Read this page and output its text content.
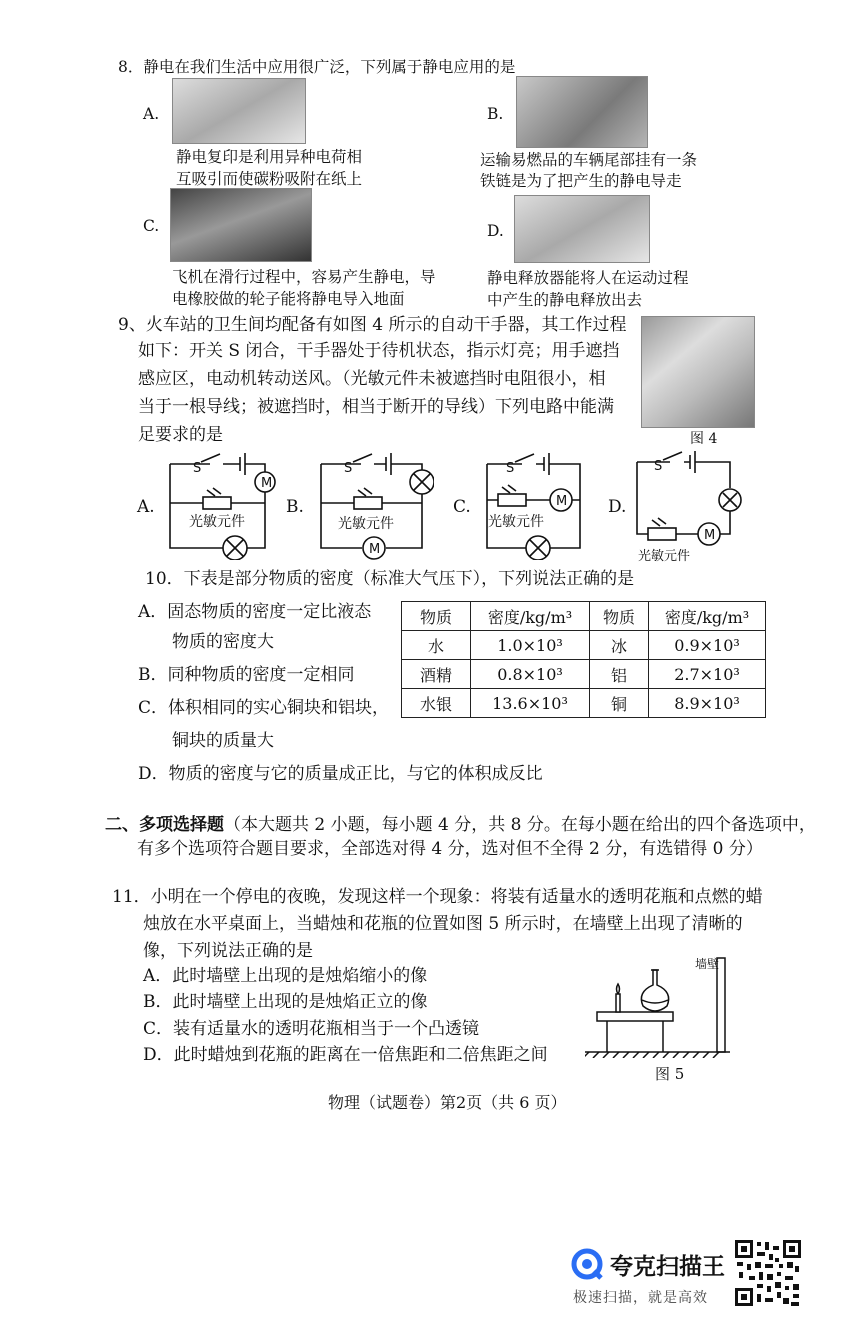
8．静电在我们生活中应用很广泛，下列属于静电应用的是
A.
静电复印是利用异种电荷相
互吸引而使碳粉吸附在纸上
B.
运输易燃品的车辆尾部挂有一条
铁链是为了把产生的静电导走
C.
飞机在滑行过程中，容易产生静电，导
电橡胶做的轮子能将静电导入地面
D.
静电释放器能将人在运动过程
中产生的静电释放出去
9、火车站的卫生间均配备有如图 4 所示的自动干手器，其工作过程
如下：开关 S 闭合，干手器处于待机状态，指示灯亮；用手遮挡
感应区，电动机转动送风。（光敏元件未被遮挡时电阻很小，相
当于一根导线；被遮挡时，相当于断开的导线）下列电路中能满
足要求的是	图 4
A.
S
M
光敏元件
B.
S
M
光敏元件
C.
S
M
光敏元件
D.
S
M
光敏元件
10．下表是部分物质的密度（标准大气压下），下列说法正确的是
A．固态物质的密度一定比液态
物质的密度大
B．同种物质的密度一定相同
C．体积相同的实心铜块和铝块，
铜块的质量大
D．物质的密度与它的质量成正比，与它的体积成反比
物质	密度/kg/m³	物质	密度/kg/m³
水	1.0×10³	冰	0.9×10³
酒精	0.8×10³	铝	2.7×10³
水银	13.6×10³	铜	8.9×10³
二、多项选择题（本大题共 2 小题，每小题 4 分，共 8 分。在每小题在给出的四个备选项中，
有多个选项符合题目要求，全部选对得 4 分，选对但不全得 2 分，有选错得 0 分）
11．小明在一个停电的夜晚，发现这样一个现象：将装有适量水的透明花瓶和点燃的蜡
烛放在水平桌面上，当蜡烛和花瓶的位置如图 5 所示时，在墙壁上出现了清晰的
像，下列说法正确的是
A．此时墙壁上出现的是烛焰缩小的像
B．此时墙壁上出现的是烛焰正立的像
C．装有适量水的透明花瓶相当于一个凸透镜
D．此时蜡烛到花瓶的距离在一倍焦距和二倍焦距之间
墙壁
图 5
物理（试题卷）第2页（共 6 页）
夸克扫描王
极速扫描，就是高效
